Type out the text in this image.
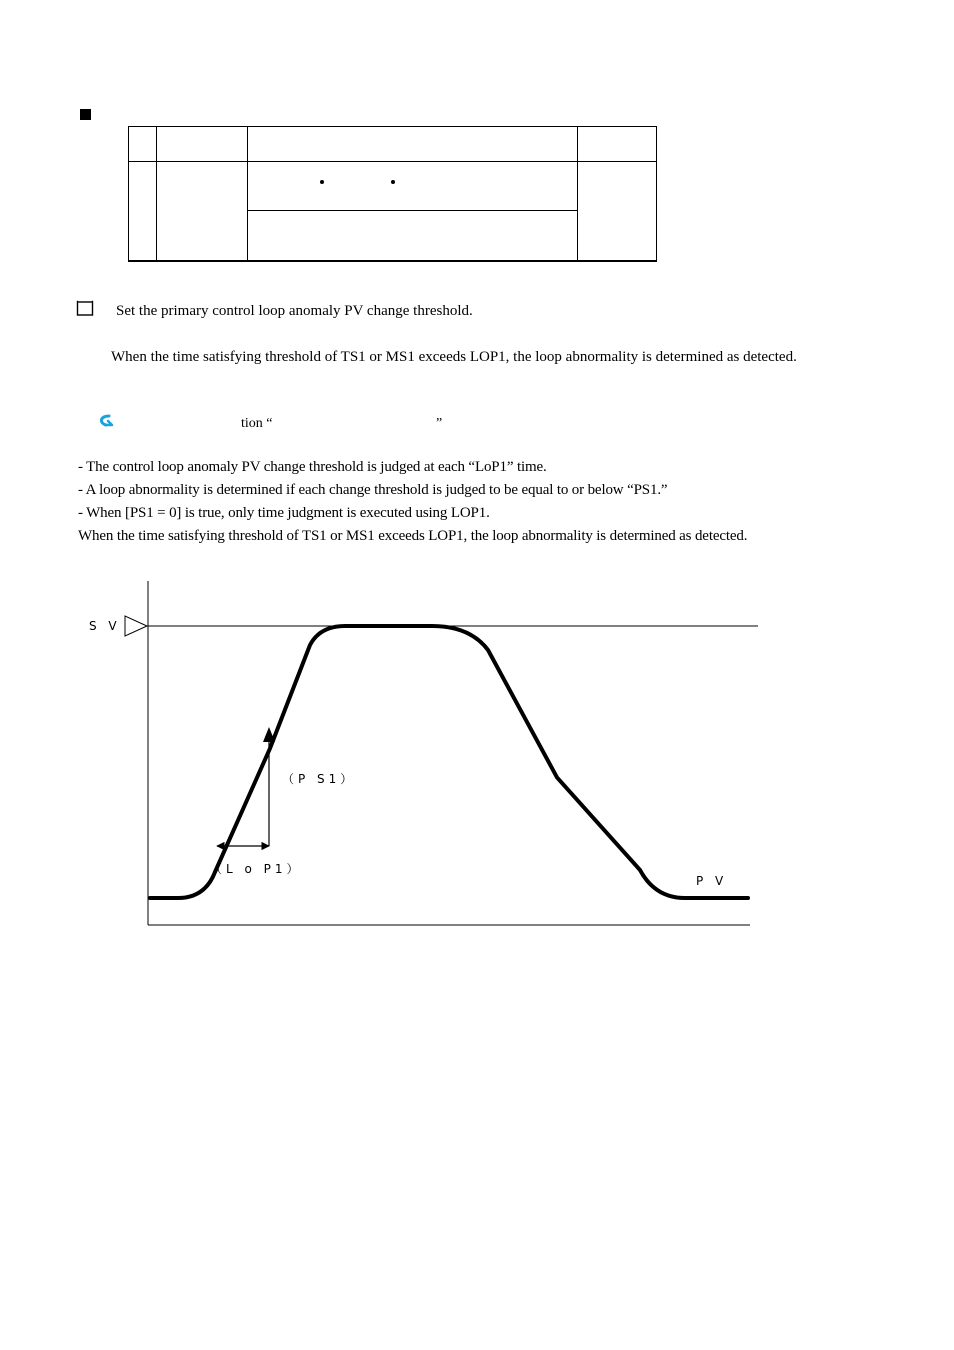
Set the primary control loop anomaly PV change threshold.
When the time satisfying threshold of TS1 or MS1 exceeds LOP1, the loop abnormality is determined as detected.
tion “	”
- The control loop anomaly PV change threshold is judged at each “LoP1” time.
- A loop abnormality is determined if each change threshold is judged to be equal to or below “PS1.”
- When [PS1 = 0] is true, only time judgment is executed using LOP1.
When the time satisfying threshold of TS1 or MS1 exceeds LOP1, the loop abnormality is determined as detected.
S V
P V
（P S1）
（L o P1）
